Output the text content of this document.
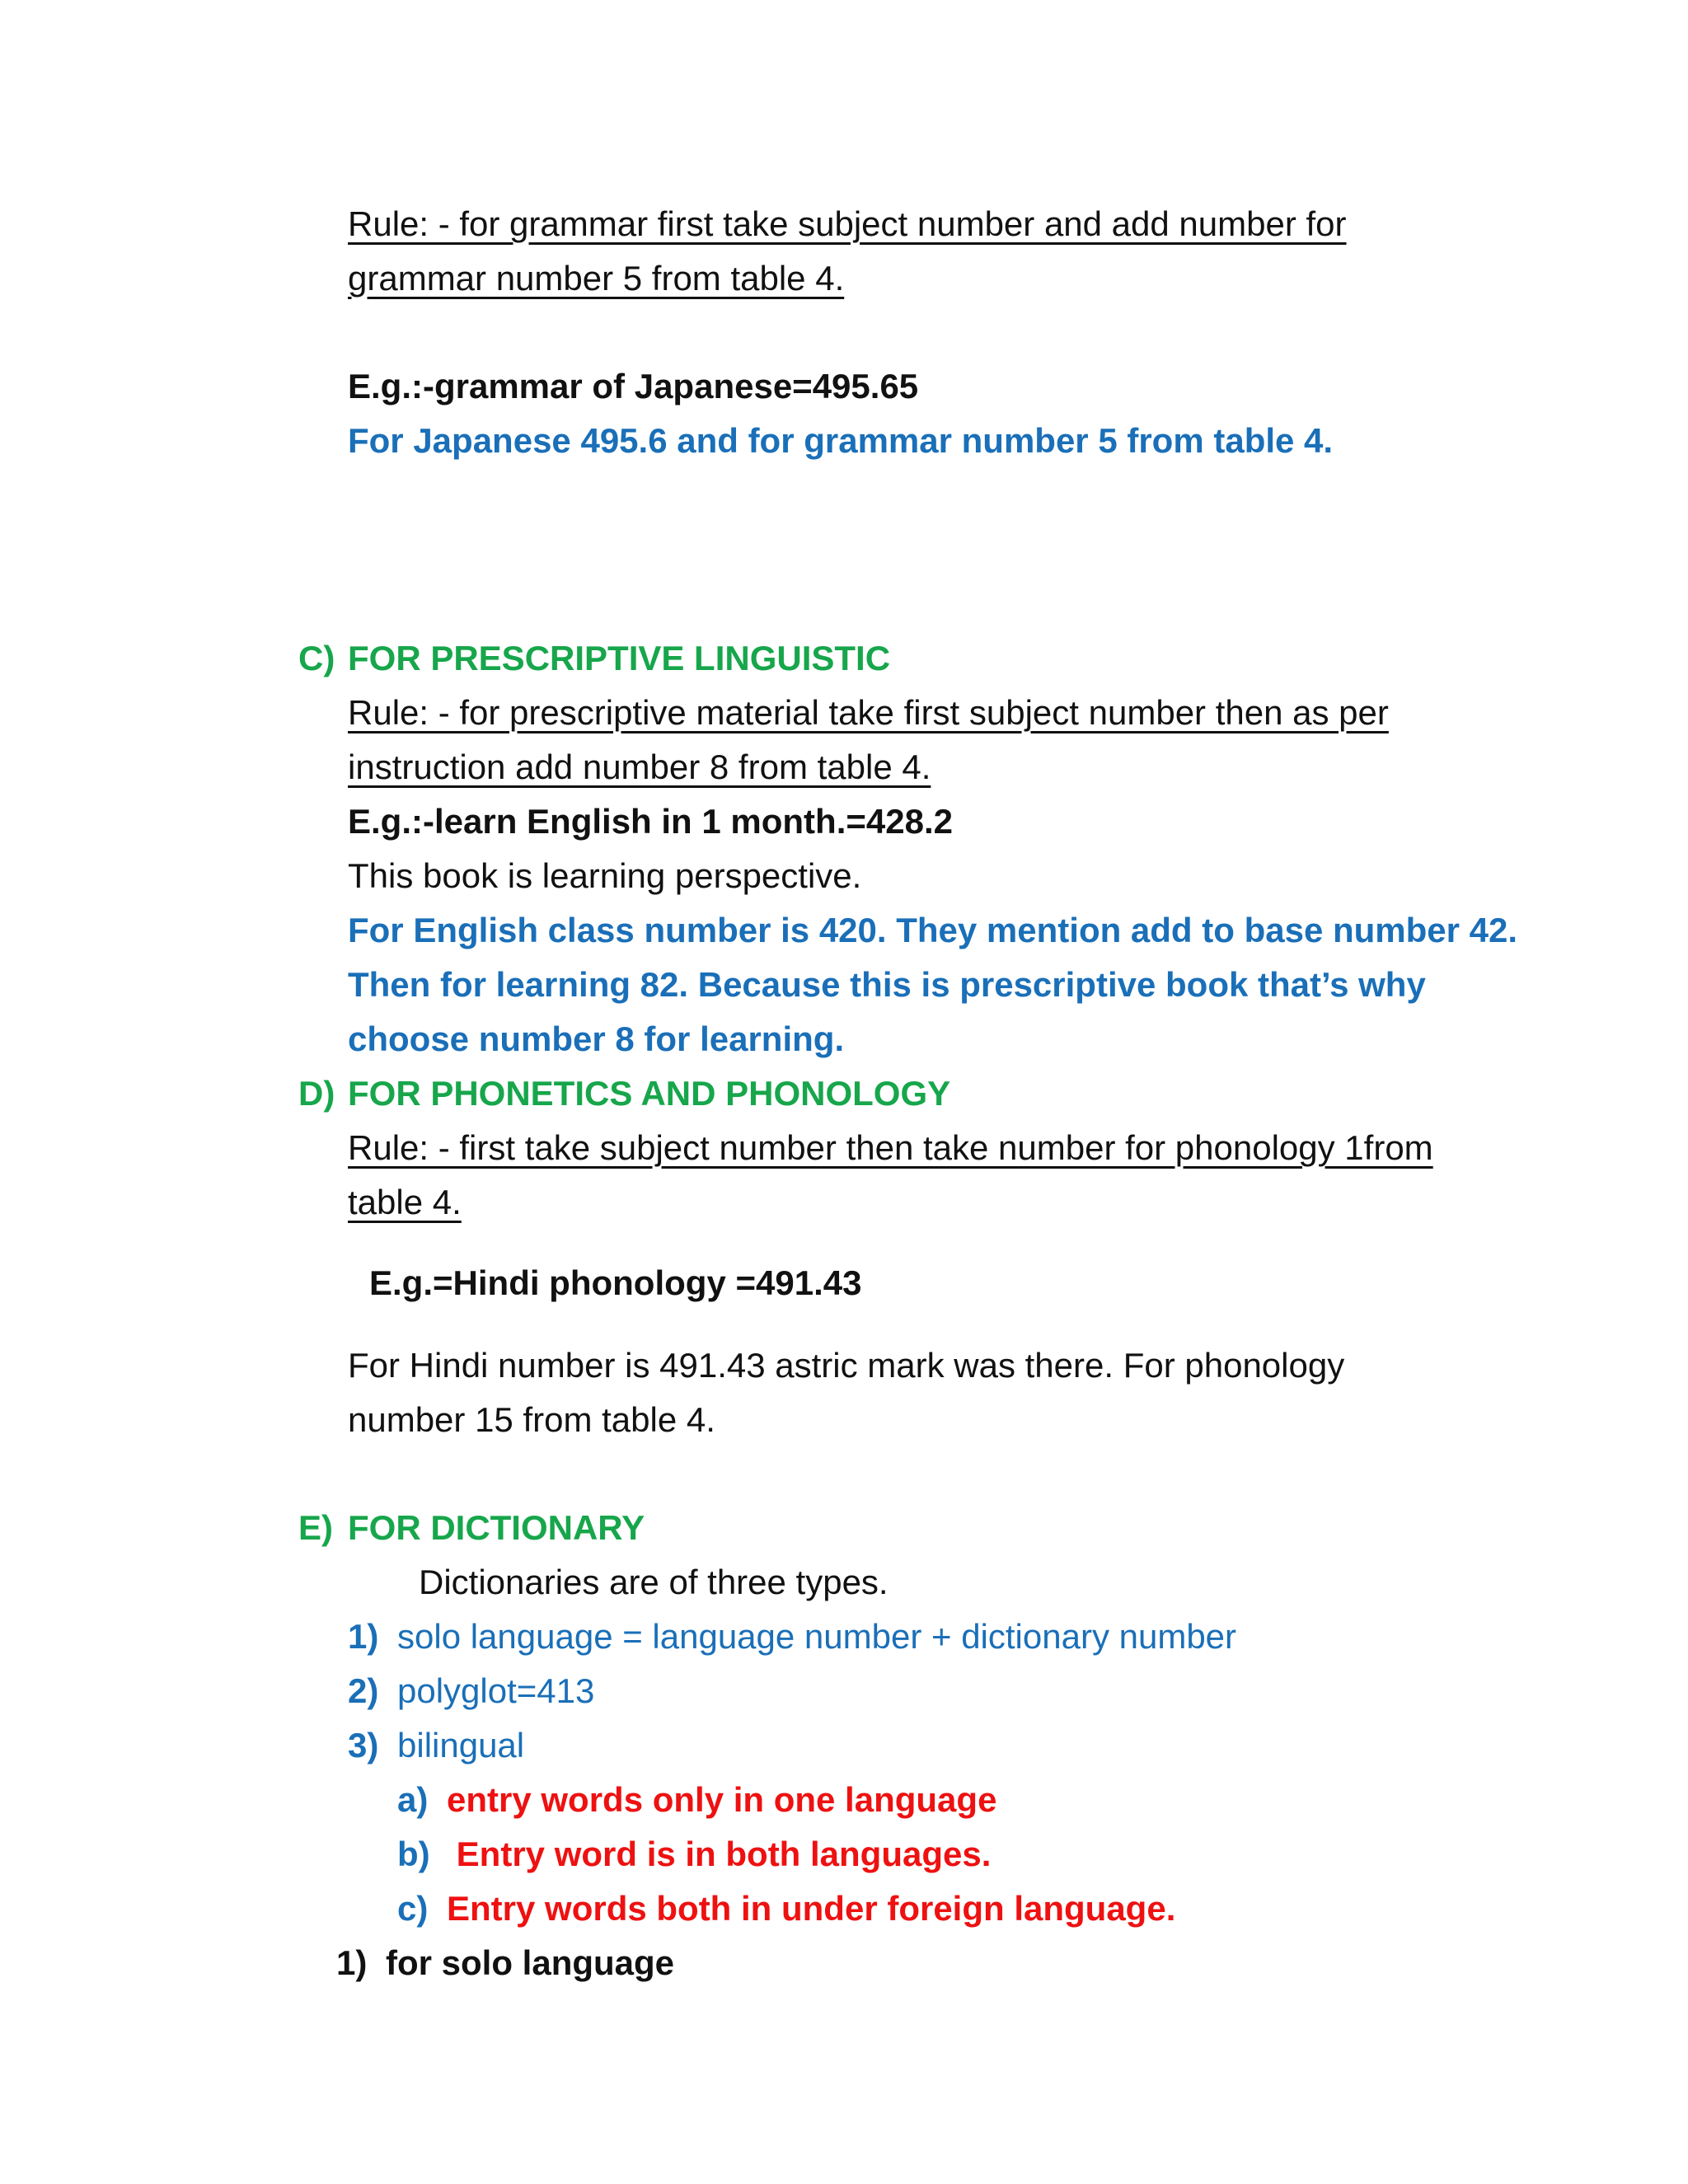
Rule: - for grammar first take subject number and add number for
grammar number 5 from table 4.
E.g.:-grammar of Japanese=495.65
For Japanese 495.6 and for grammar number 5 from table 4.
C) FOR PRESCRIPTIVE LINGUISTIC
Rule: - for prescriptive material take first subject number then as per
instruction add number 8 from table 4.
E.g.:-learn English in 1 month.=428.2
This book is learning perspective.
For English class number is 420. They mention add to base number 42.
Then for learning 82. Because this is prescriptive book that’s why
choose number 8 for learning.
D) FOR PHONETICS AND PHONOLOGY
Rule: - first take subject number then take number for phonology 1from
table 4.
E.g.=Hindi phonology =491.43
For Hindi number is 491.43 astric mark was there. For phonology
number 15 from table 4.
E) FOR DICTIONARY
Dictionaries are of three types.
1) solo language = language number + dictionary number
2) polyglot=413
3) bilingual
a) entry words only in one language
b) Entry word is in both languages.
c) Entry words both in under foreign language.
1) for solo language
